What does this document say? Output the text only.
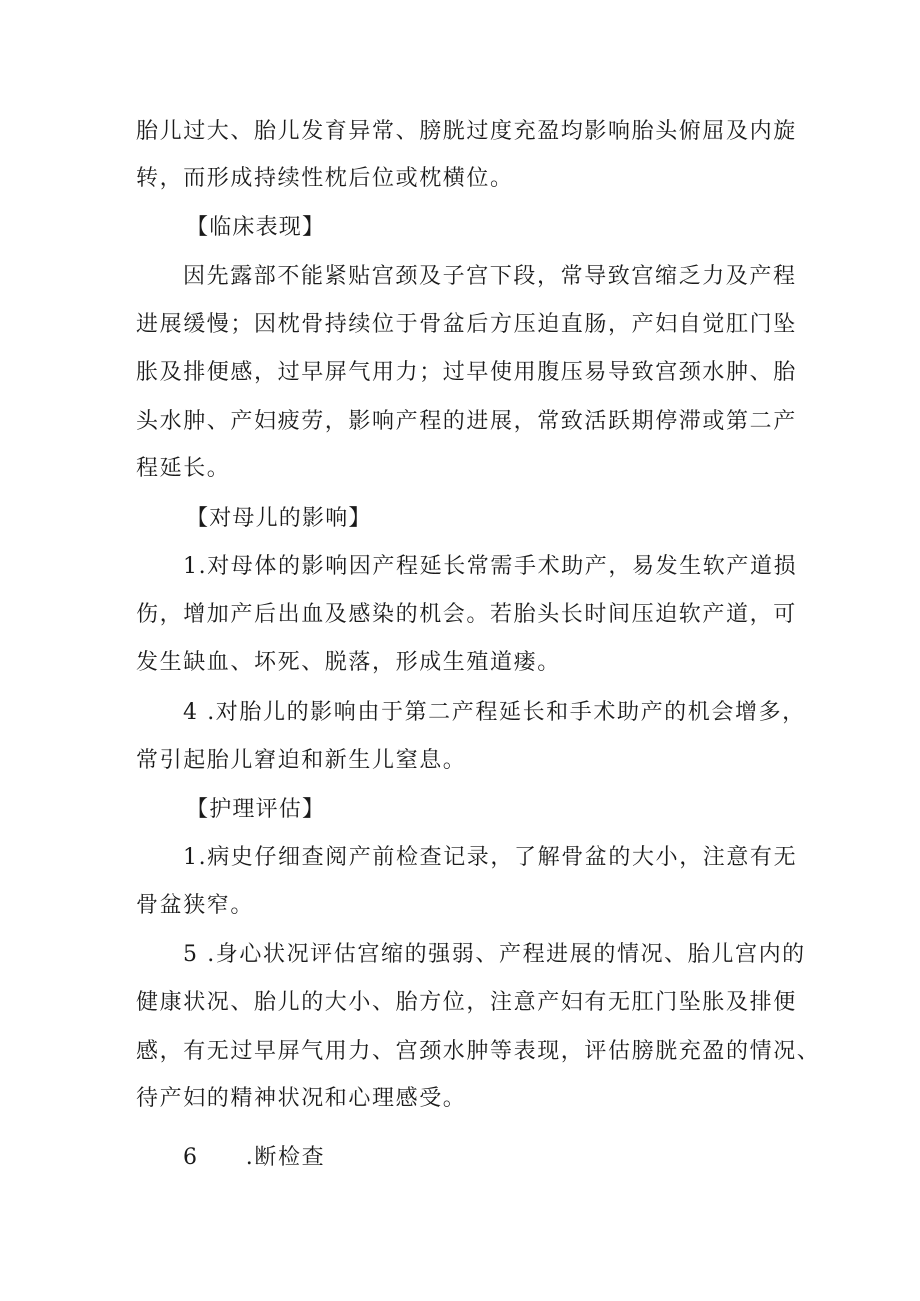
胎儿过大、胎儿发育异常、膀胱过度充盈均影响胎头俯屈及内旋
转，而形成持续性枕后位或枕横位。
【临床表现】
因先露部不能紧贴宫颈及子宫下段，常导致宫缩乏力及产程
进展缓慢；因枕骨持续位于骨盆后方压迫直肠，产妇自觉肛门坠
胀及排便感，过早屏气用力；过早使用腹压易导致宫颈水肿、胎
头水肿、产妇疲劳，影响产程的进展，常致活跃期停滞或第二产
程延长。
【对母儿的影响】
1.对母体的影响因产程延长常需手术助产，易发生软产道损
伤，增加产后出血及感染的机会。若胎头长时间压迫软产道，可
发生缺血、坏死、脱落，形成生殖道瘘。
4 .对胎儿的影响由于第二产程延长和手术助产的机会增多，
常引起胎儿窘迫和新生儿窒息。
【护理评估】
1.病史仔细查阅产前检查记录，了解骨盆的大小，注意有无
骨盆狭窄。
5 .身心状况评估宫缩的强弱、产程进展的情况、胎儿宫内的
健康状况、胎儿的大小、胎方位，注意产妇有无肛门坠胀及排便
感，有无过早屏气用力、宫颈水肿等表现，评估膀胱充盈的情况、
待产妇的精神状况和心理感受。
6　　.断检查
